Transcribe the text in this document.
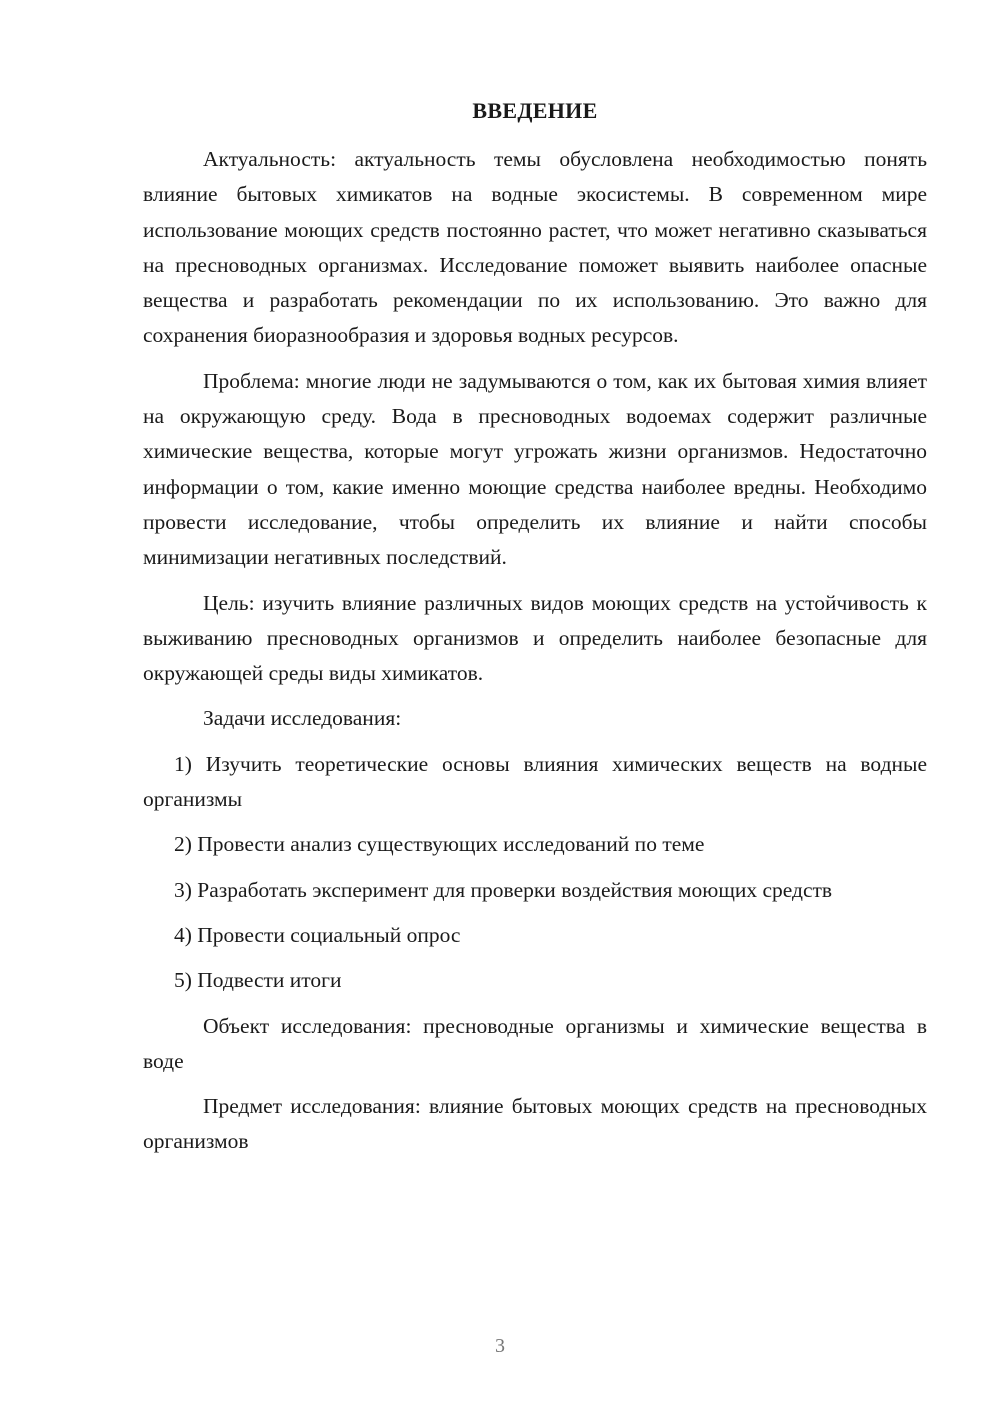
ВВЕДЕНИЕ

Актуальность: актуальность темы обусловлена необходимостью понять влияние бытовых химикатов на водные экосистемы. В современном мире использование моющих средств постоянно растет, что может негативно сказываться на пресноводных организмах. Исследование поможет выявить наиболее опасные вещества и разработать рекомендации по их использованию. Это важно для сохранения биоразнообразия и здоровья водных ресурсов.

Проблема: многие люди не задумываются о том, как их бытовая химия влияет на окружающую среду. Вода в пресноводных водоемах содержит различные химические вещества, которые могут угрожать жизни организмов. Недостаточно информации о том, какие именно моющие средства наиболее вредны. Необходимо провести исследование, чтобы определить их влияние и найти способы минимизации негативных последствий.

Цель: изучить влияние различных видов моющих средств на устойчивость к выживанию пресноводных организмов и определить наиболее безопасные для окружающей среды виды химикатов.

Задачи исследования:

1) Изучить теоретические основы влияния химических веществ на водные организмы

2) Провести анализ существующих исследований по теме

3) Разработать эксперимент для проверки воздействия моющих средств

4) Провести социальный опрос

5) Подвести итоги

Объект исследования: пресноводные организмы и химические вещества в воде

Предмет исследования: влияние бытовых моющих средств на пресноводных организмов

3
